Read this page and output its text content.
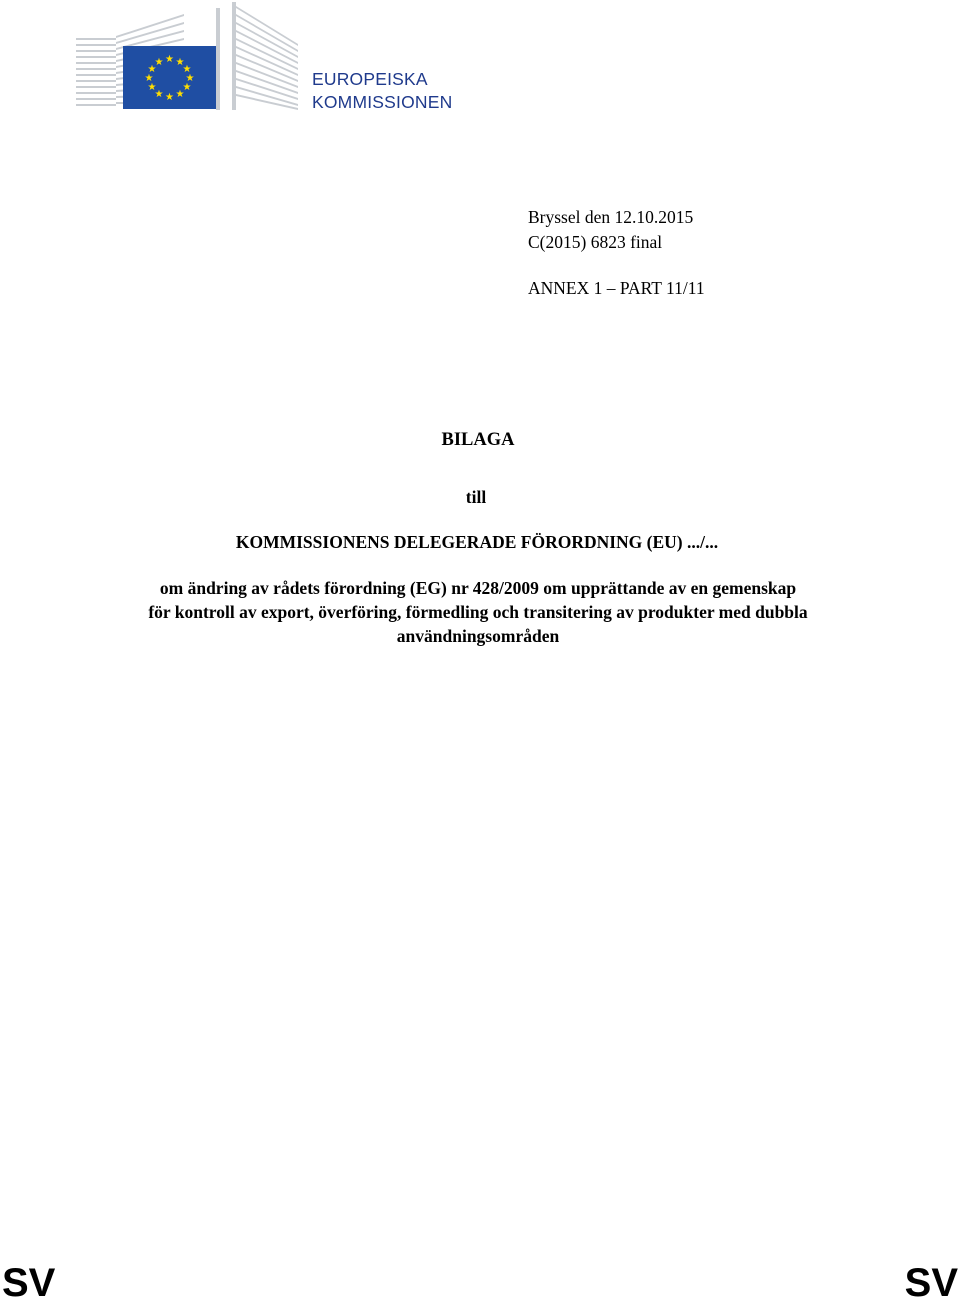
★ ★
★
★
★
★
★
★
★
★
★
★
EUROPEISKA
KOMMISSIONEN
Bryssel den 12.10.2015
C(2015) 6823 final
ANNEX 1 – PART 11/11
BILAGA
till
KOMMISSIONENS DELEGERADE FÖRORDNING (EU) .../...
om ändring av rådets förordning (EG) nr 428/2009 om upprättande av en gemenskap
för kontroll av export, överföring, förmedling och transitering av produkter med dubbla
användningsområden
SV	SV
